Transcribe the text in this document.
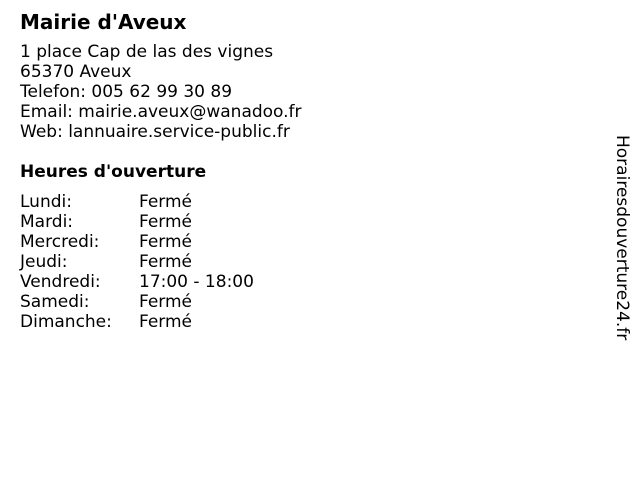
Mairie d'Aveux
1 place Cap de las des vignes
65370 Aveux
Telefon: 005 62 99 30 89
Email: mairie.aveux@wanadoo.fr
Web: lannuaire.service-public.fr
Heures d'ouverture
Lundi:	Fermé
Mardi:	Fermé
Mercredi: Fermé
Jeudi:	Fermé
Vendredi: 17:00 - 18:00
Samedi:	Fermé
Dimanche: Fermé	Horairesdouverture24.fr
